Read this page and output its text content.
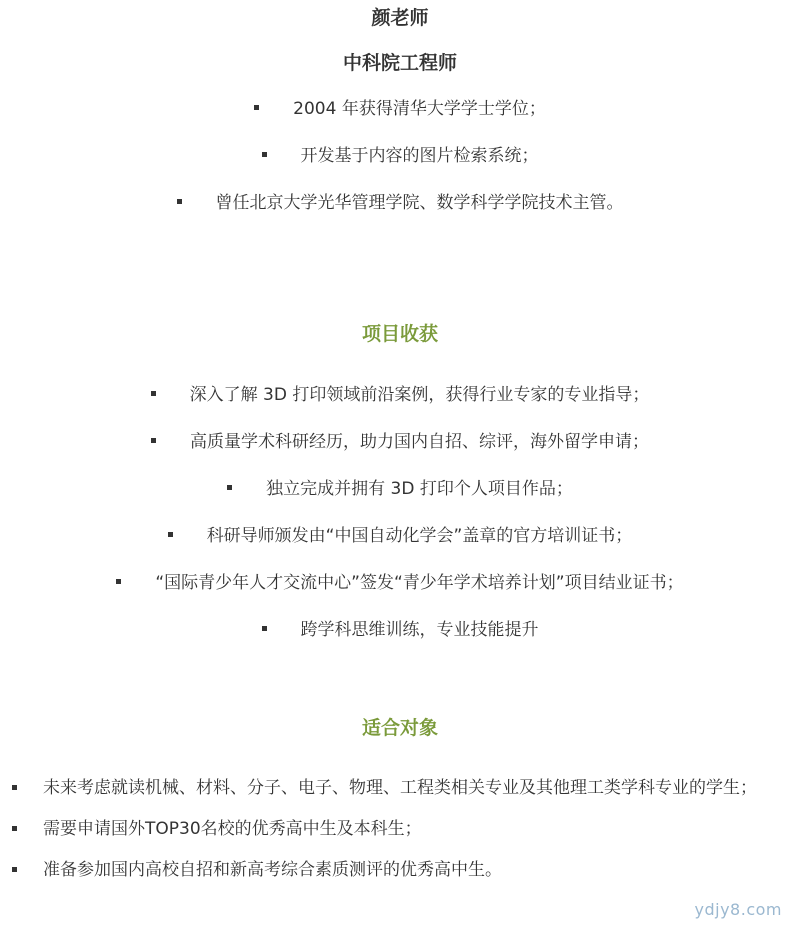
颜老师
中科院工程师
2004 年获得清华大学学士学位；
开发基于内容的图片检索系统；
曾任北京大学光华管理学院、数学科学学院技术主管。
项目收获
深入了解 3D 打印领域前沿案例，获得行业专家的专业指导；
高质量学术科研经历，助力国内自招、综评，海外留学申请；
独立完成并拥有 3D 打印个人项目作品；
科研导师颁发由“中国自动化学会”盖章的官方培训证书；
“国际青少年人才交流中心”签发“青少年学术培养计划”项目结业证书；
跨学科思维训练，专业技能提升
适合对象
未来考虑就读机械、材料、分子、电子、物理、工程类相关专业及其他理工类学科专业的学生；
需要申请国外TOP30名校的优秀高中生及本科生；
准备参加国内高校自招和新高考综合素质测评的优秀高中生。
ydjy8.com
